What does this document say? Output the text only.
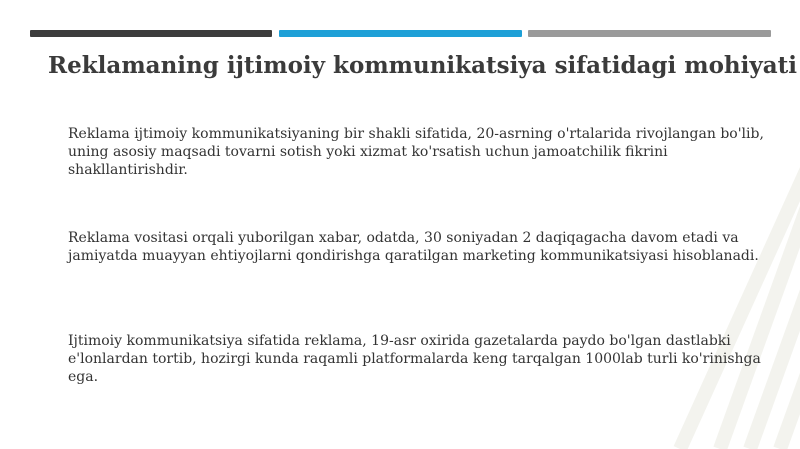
Reklamaning ijtimoiy kommunikatsiya sifatidagi mohiyati

Reklama ijtimoiy kommunikatsiyaning bir shakli sifatida, 20-asrning o'rtalarida rivojlangan bo'lib, uning asosiy maqsadi tovarni sotish yoki xizmat ko'rsatish uchun jamoatchilik fikrini shakllantirishdir.

Reklama vositasi orqali yuborilgan xabar, odatda, 30 soniyadan 2 daqiqagacha davom etadi va jamiyatda muayyan ehtiyojlarni qondirishga qaratilgan marketing kommunikatsiyasi hisoblanadi.

Ijtimoiy kommunikatsiya sifatida reklama, 19-asr oxirida gazetalarda paydo bo'lgan dastlabki e'lonlardan tortib, hozirgi kunda raqamli platformalarda keng tarqalgan 1000lab turli ko'rinishga ega.
